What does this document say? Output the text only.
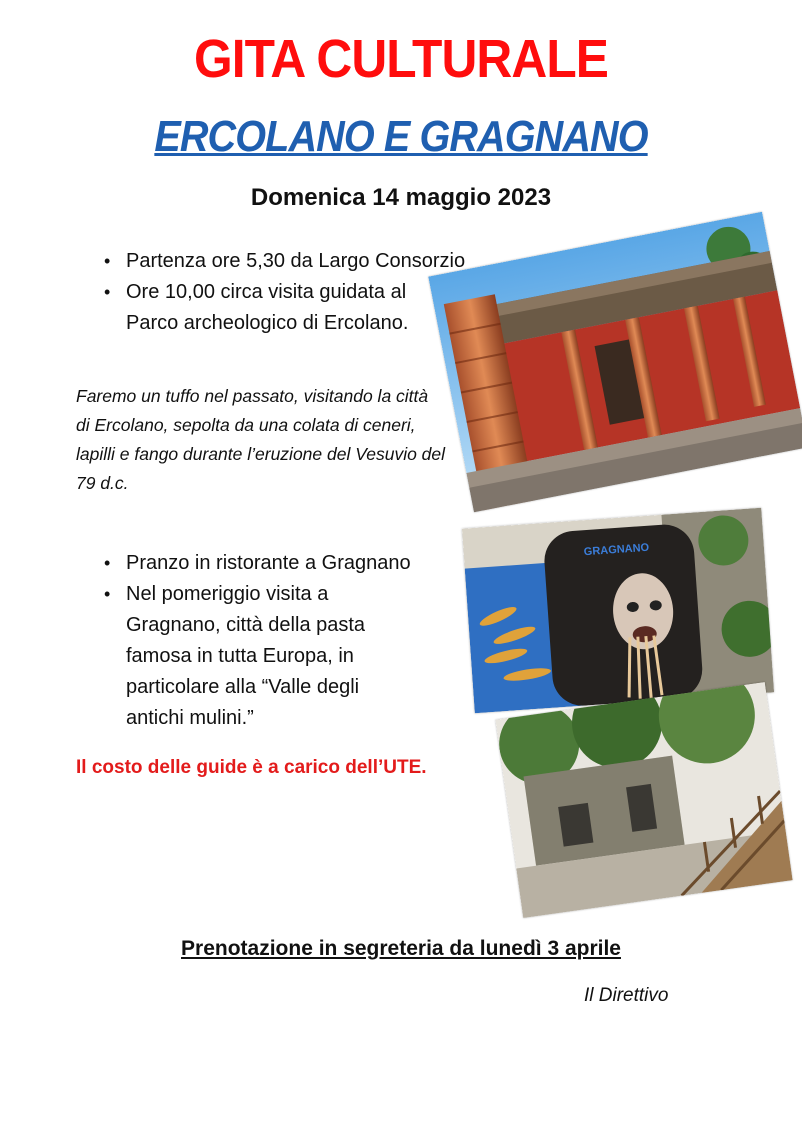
GITA CULTURALE
ERCOLANO E GRAGNANO
Domenica 14 maggio 2023
• Partenza ore 5,30 da Largo Consorzio
• Ore 10,00 circa visita guidata al Parco archeologico di Ercolano.
Faremo un tuffo nel passato, visitando la città di Ercolano, sepolta da una colata di ceneri, lapilli e fango durante l’eruzione del Vesuvio del 79 d.c.
• Pranzo in ristorante a Gragnano
• Nel pomeriggio visita a Gragnano, città della pasta famosa in tutta Europa, in particolare alla “Valle degli antichi mulini.”
Il costo delle guide è a carico dell’UTE.
Prenotazione in segreteria da lunedì 3 aprile
Il Direttivo
GRAGNANO
